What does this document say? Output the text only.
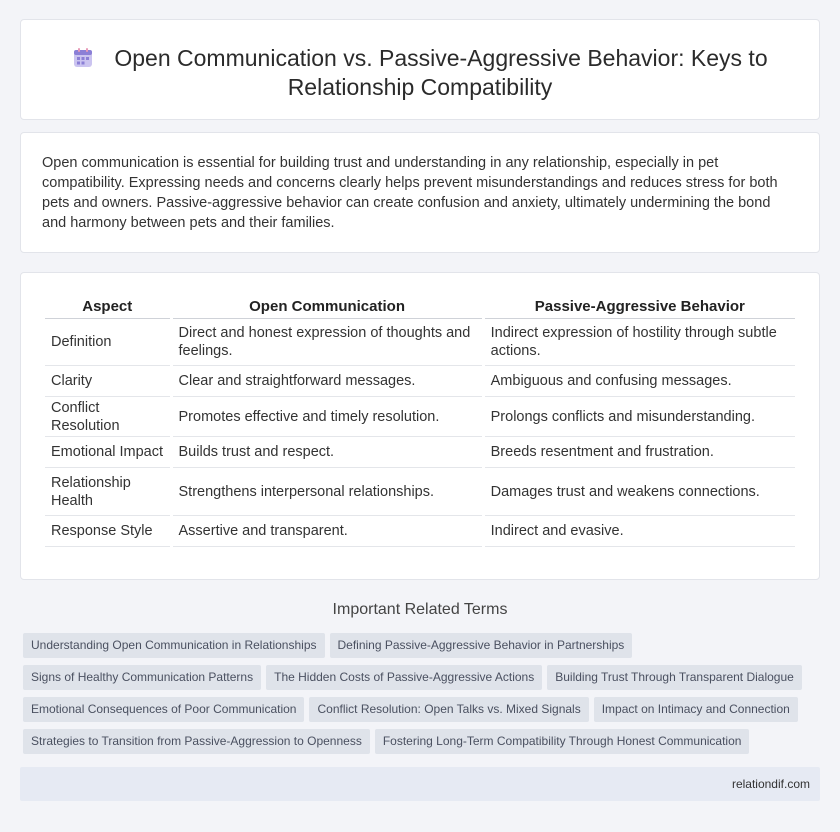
Open Communication vs. Passive-Aggressive Behavior: Keys to Relationship Compatibility

Open communication is essential for building trust and understanding in any relationship, especially in pet compatibility. Expressing needs and concerns clearly helps prevent misunderstandings and reduces stress for both pets and owners. Passive-aggressive behavior can create confusion and anxiety, ultimately undermining the bond and harmony between pets and their families.

Aspect	Open Communication	Passive-Aggressive Behavior
Definition	Direct and honest expression of thoughts and feelings.	Indirect expression of hostility through subtle actions.
Clarity	Clear and straightforward messages.	Ambiguous and confusing messages.
Conflict Resolution	Promotes effective and timely resolution.	Prolongs conflicts and misunderstanding.
Emotional Impact	Builds trust and respect.	Breeds resentment and frustration.
Relationship Health	Strengthens interpersonal relationships.	Damages trust and weakens connections.
Response Style	Assertive and transparent.	Indirect and evasive.
Important Related Terms
Understanding Open Communication in Relationships Defining Passive-Aggressive Behavior in Partnerships
Signs of Healthy Communication Patterns The Hidden Costs of Passive-Aggressive Actions Building Trust Through Transparent Dialogue
Emotional Consequences of Poor Communication Conflict Resolution: Open Talks vs. Mixed Signals Impact on Intimacy and Connection
Strategies to Transition from Passive-Aggression to Openness Fostering Long-Term Compatibility Through Honest Communication
relationdif.com
